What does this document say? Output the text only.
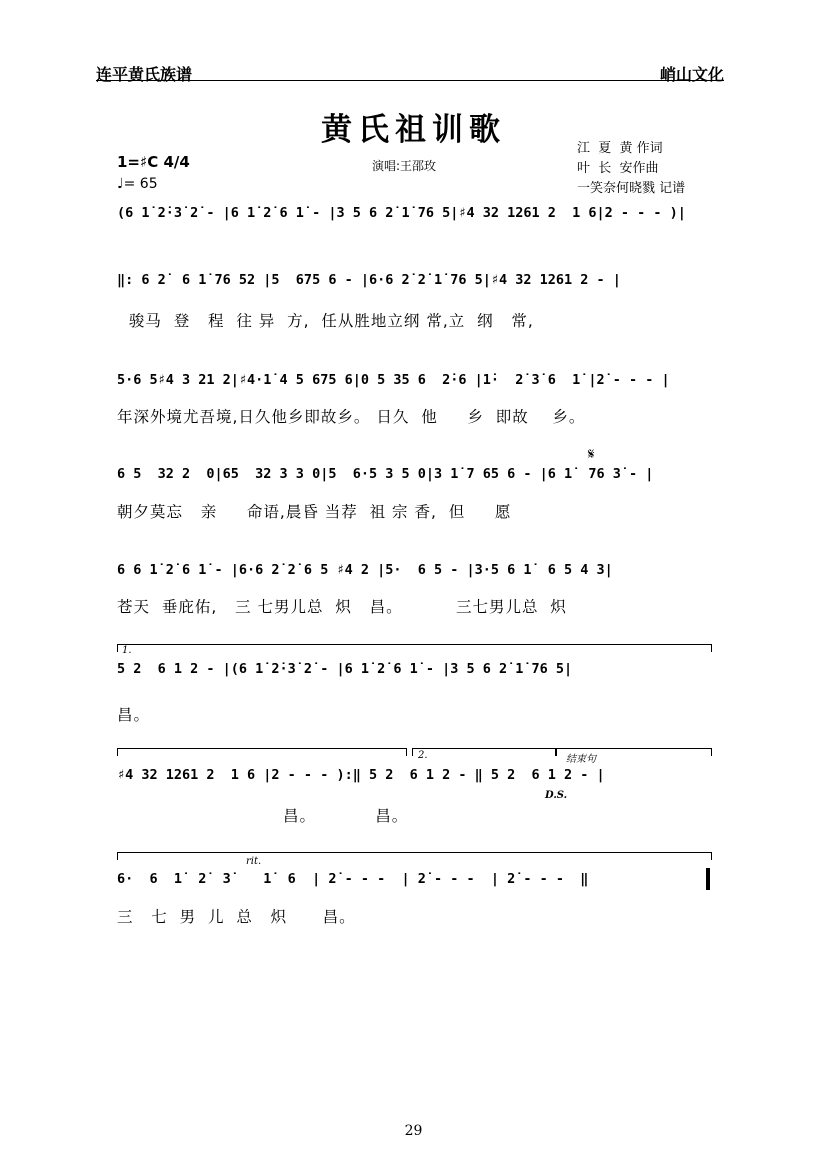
连平黄氏族谱	峭山文化
黄氏祖训歌
1=♯C 4/4
♩= 65
演唱:王邵玫
江  夏  黄 作词
叶  长  安作曲
一笑奈何晓戮 记谱
(6 1̇ 2̇·3̇ 2̇ - |6 1̇ 2̇ 6 1̇ - |3 5 6 2̇ 1̇ 76 5|♯4 32 1261 2  1 6|2 - - - )|
‖: 6 2̇  6 1̇ 76 52 |5  675 6 - |6·6 2̇ 2̇ 1̇ 76 5|♯4 32 1261 2 - |
骏马  登   程  往 异  方,  任从胜地立纲 常,立  纲   常,
5·6 5♯4 3 21 2|♯4·1̇ 4 5 675 6|0 5 35 6  2̇·6 |1̇·  2̇ 3̇ 6  1̇ |2̇ - - - |
年深外境尤吾境,日久他乡即故乡。 日久  他     乡  即故    乡。
𝄋
6 5  32 2  0|65  32 3 3 0|5  6·5 3 5 0|3 1̇ 7 65 6 - |6 1̇  76 3̇ - |
朝夕莫忘   亲     命语,晨昏 当荐  祖 宗 香,  但     愿
6 6 1̇ 2̇ 6 1̇ - |6·6 2̇ 2̇ 6 5 ♯4 2 |5·  6 5 - |3·5 6 1̇  6 5 4 3|
苍天  垂庇佑,   三 七男儿总  炽   昌。         三七男儿总  炽
1.
5 2  6 1 2 - |(6 1̇ 2̇·3̇ 2̇ - |6 1̇ 2̇ 6 1̇ - |3 5 6 2̇ 1̇ 76 5|
昌。
2.	结束句
♯4 32 1261 2  1 6 |2 - - - ):‖ 5 2  6 1 2 - ‖ 5 2  6 1 2 - |
D.S.
昌。          昌。
rit.
6·  6  1̇  2̇  3̇    1̇  6  | 2̇ - - -  | 2̇ - - -  | 2̇ - - -  ‖
三   七  男  儿  总   炽      昌。
29
